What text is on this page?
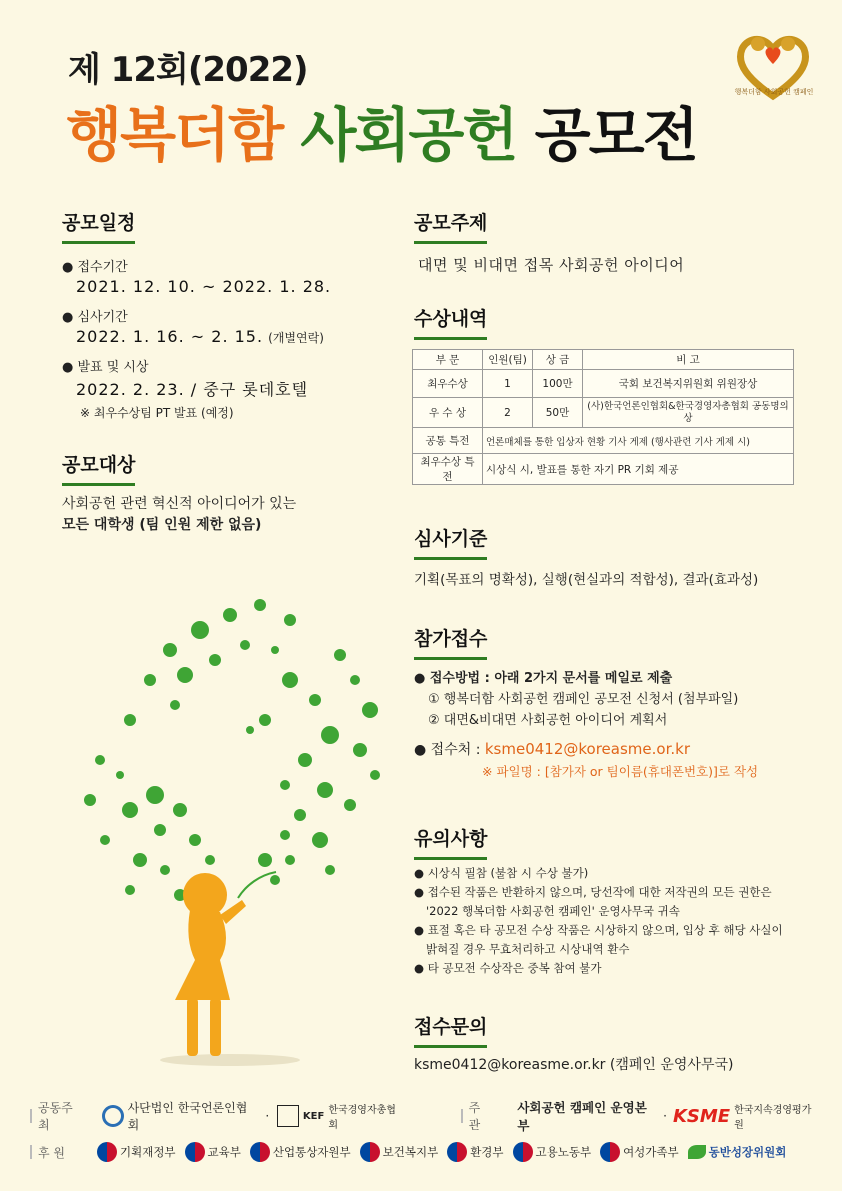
제 12회(2022)
행복더함 사회공헌 공모전
행복더함 사회공헌 캠페인
공모일정
● 접수기간
2021. 12. 10. ~ 2022. 1. 28.
● 심사기간
2022. 1. 16. ~ 2. 15. (개별연락)
● 발표 및 시상
2022. 2. 23. / 중구 롯데호텔
※ 최우수상팀 PT 발표 (예정)
공모대상
사회공헌 관련 혁신적 아이디어가 있는
모든 대학생 (팀 인원 제한 없음)
공모주제
대면 및 비대면 접목 사회공헌 아이디어
수상내역
부 문	인원(팀)	상 금	비 고
최우수상	1	100만	국회 보건복지위원회 위원장상
우 수 상	2	50만	(사)한국언론인협회&한국경영자총협회 공동명의상
공통 특전	언론매체를 통한 입상자 현황 기사 게제 (행사관련 기사 게제 시)		
최우수상 특전	시상식 시, 발표를 통한 자기 PR 기회 제공		
심사기준
기획(목표의 명확성), 실행(현실과의 적합성), 결과(효과성)
참가접수
● 접수방법 : 아래 2가지 문서를 메일로 제출
① 행복더함 사회공헌 캠페인 공모전 신청서 (첨부파일)
② 대면&비대면 사회공헌 아이디어 계획서
● 접수처 : ksme0412@koreasme.or.kr
※ 파일명 : [참가자 or 팀이름(휴대폰번호)]로 작성
유의사항
● 시상식 필참 (불참 시 수상 불가)
● 접수된 작품은 반환하지 않으며, 당선작에 대한 저작권의 모든 권한은 '2022 행복더함 사회공헌 캠페인' 운영사무국 귀속
● 표절 혹은 타 공모전 수상 작품은 시상하지 않으며, 입상 후 해당 사실이 밝혀질 경우 무효처리하고 시상내역 환수
● 타 공모전 수상작은 중복 참여 불가
접수문의
ksme0412@koreasme.or.kr (캠페인 운영사무국)
공동주최
사단법인 한국언론인협회
·	KEF 한국경영자총협회
주 관
사회공헌 캠페인 운영본부
· KSME 한국지속경영평가원
후 원	기획재정부	교육부	산업통상자원부	보건복지부	환경부	고용노동부	여성가족부	동반성장위원회
